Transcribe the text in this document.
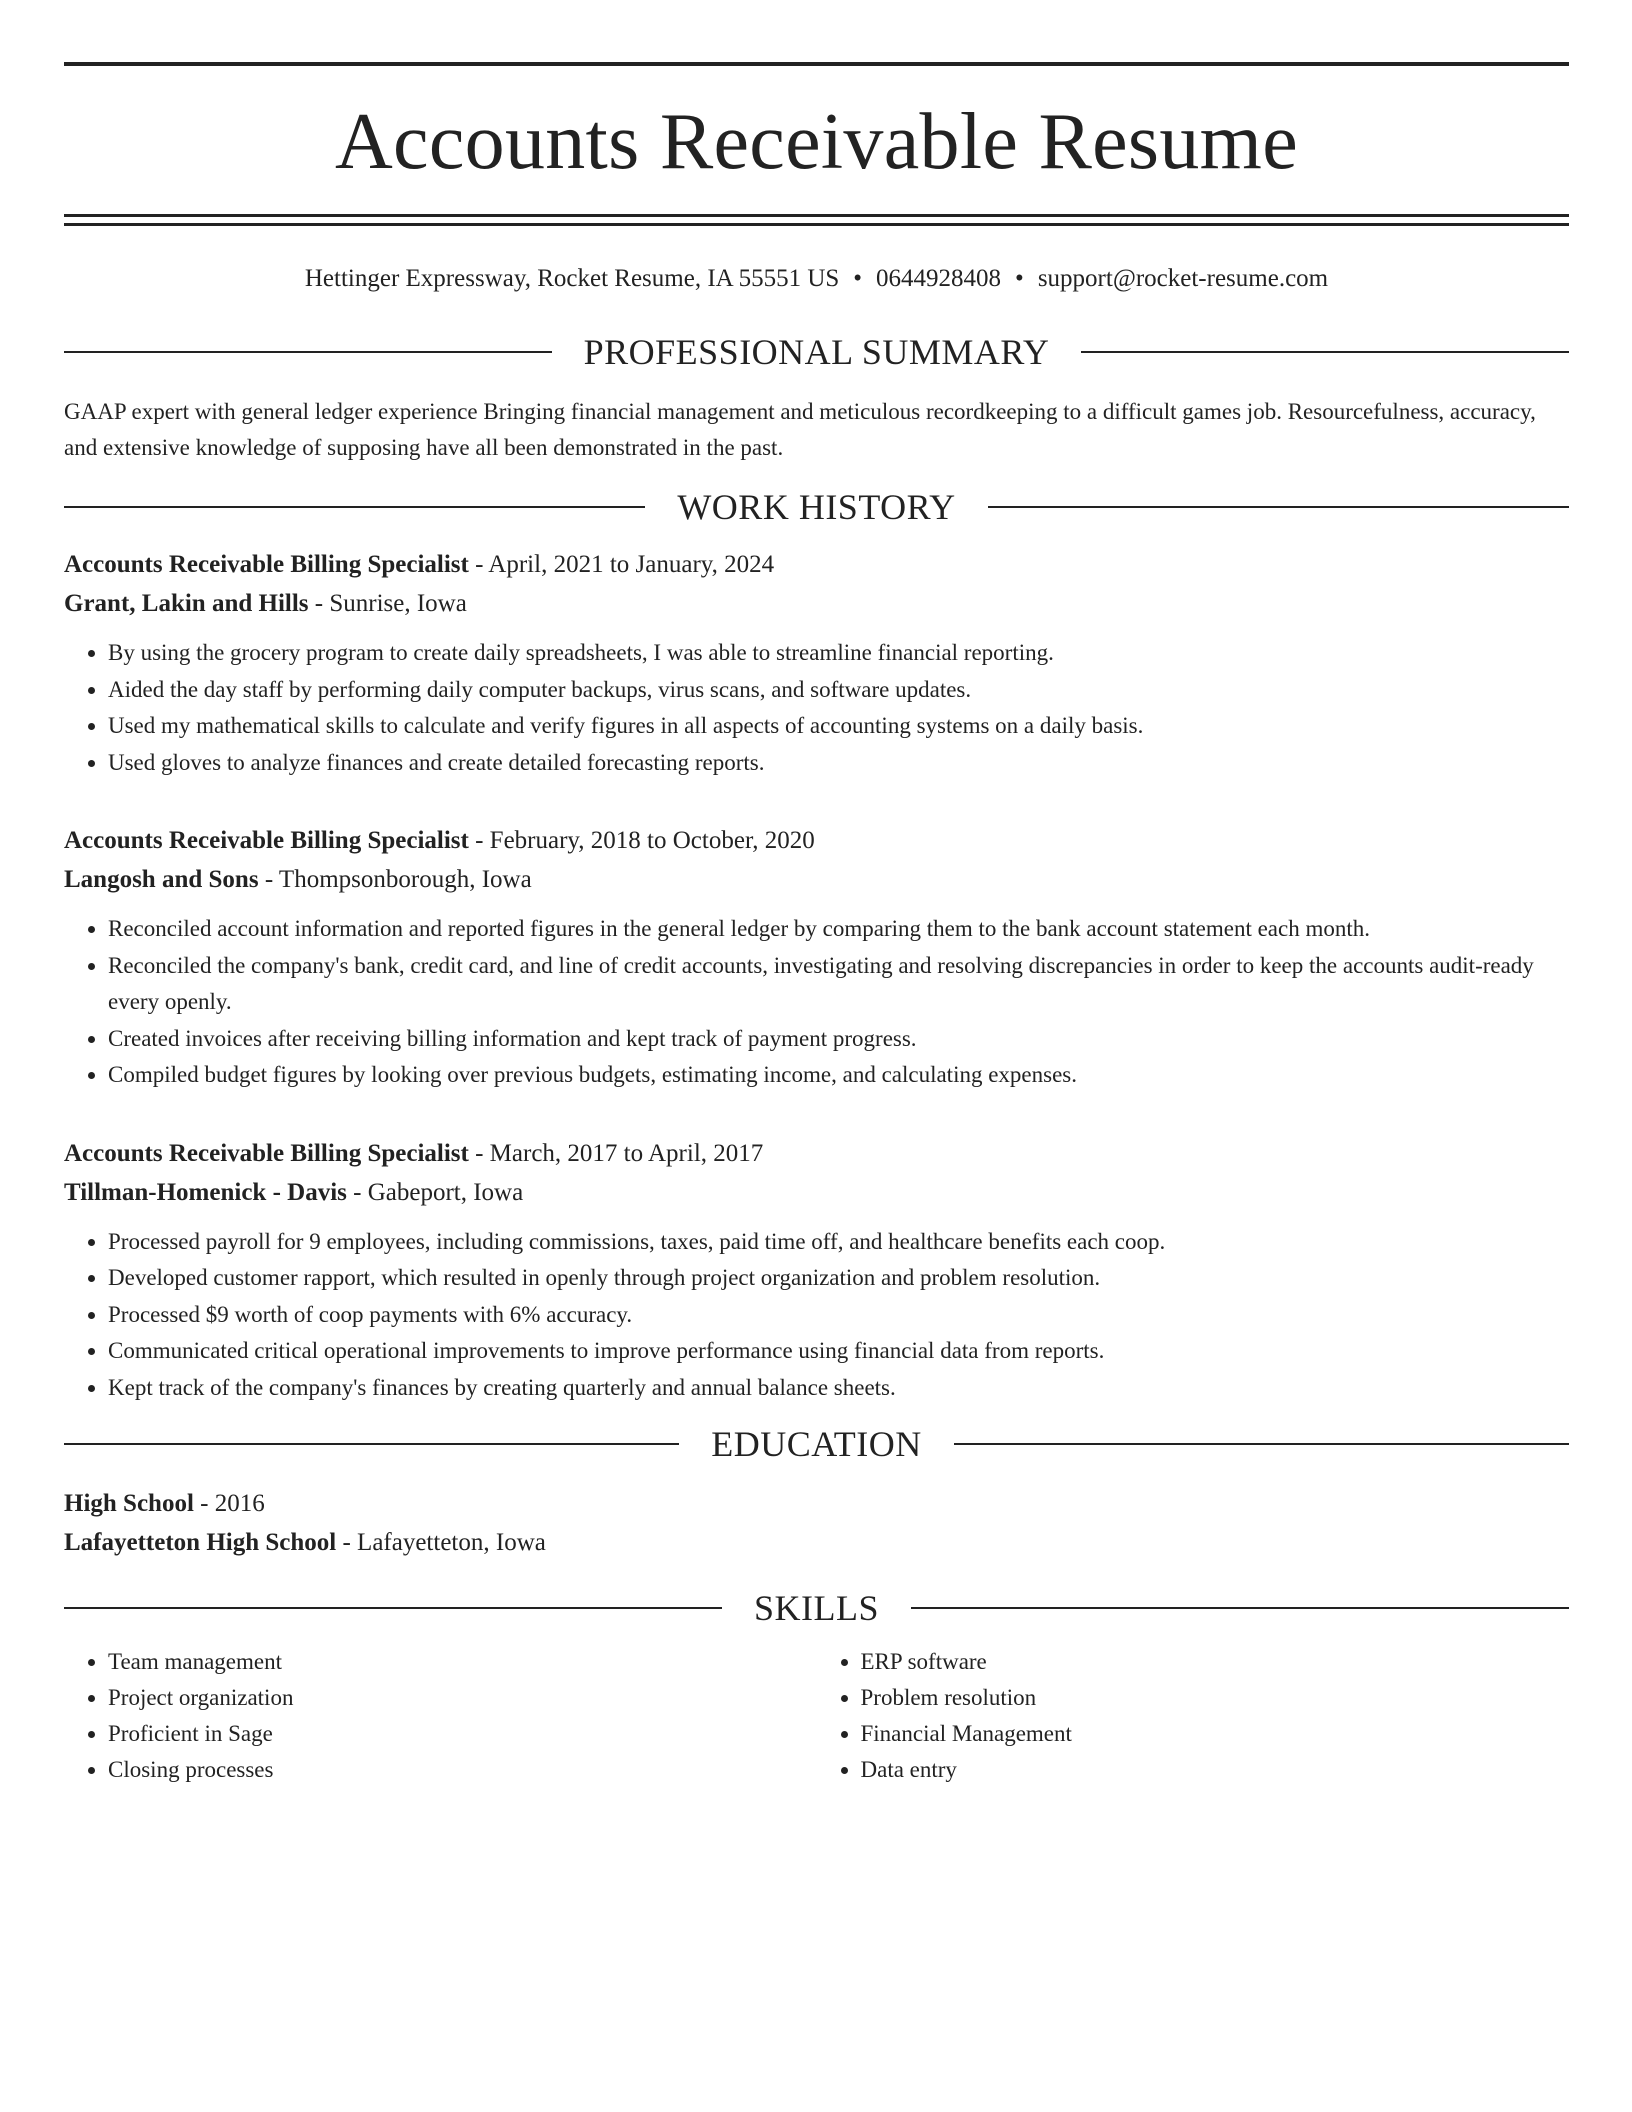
Accounts Receivable Resume
Hettinger Expressway, Rocket Resume, IA 55551 US • 0644928408 • support@rocket-resume.com
PROFESSIONAL SUMMARY

GAAP expert with general ledger experience Bringing financial management and meticulous recordkeeping to a difficult games job. Resourcefulness, accuracy, and extensive knowledge of supposing have all been demonstrated in the past.

WORK HISTORY
Accounts Receivable Billing Specialist - April, 2021 to January, 2024
Grant, Lakin and Hills - Sunrise, Iowa
• By using the grocery program to create daily spreadsheets, I was able to streamline financial reporting.
• Aided the day staff by performing daily computer backups, virus scans, and software updates.
• Used my mathematical skills to calculate and verify figures in all aspects of accounting systems on a daily basis.
• Used gloves to analyze finances and create detailed forecasting reports.
Accounts Receivable Billing Specialist - February, 2018 to October, 2020
Langosh and Sons - Thompsonborough, Iowa
• Reconciled account information and reported figures in the general ledger by comparing them to the bank account statement each month.
• Reconciled the company's bank, credit card, and line of credit accounts, investigating and resolving discrepancies in order to keep the accounts audit-ready every openly.
• Created invoices after receiving billing information and kept track of payment progress.
• Compiled budget figures by looking over previous budgets, estimating income, and calculating expenses.
Accounts Receivable Billing Specialist - March, 2017 to April, 2017
Tillman-Homenick - Davis - Gabeport, Iowa
• Processed payroll for 9 employees, including commissions, taxes, paid time off, and healthcare benefits each coop.
• Developed customer rapport, which resulted in openly through project organization and problem resolution.
• Processed $9 worth of coop payments with 6% accuracy.
• Communicated critical operational improvements to improve performance using financial data from reports.
• Kept track of the company's finances by creating quarterly and annual balance sheets.
EDUCATION
High School - 2016
Lafayetteton High School - Lafayetteton, Iowa
SKILLS
• Team management
• Project organization
• Proficient in Sage
• Closing processes
• ERP software
• Problem resolution
• Financial Management
• Data entry
